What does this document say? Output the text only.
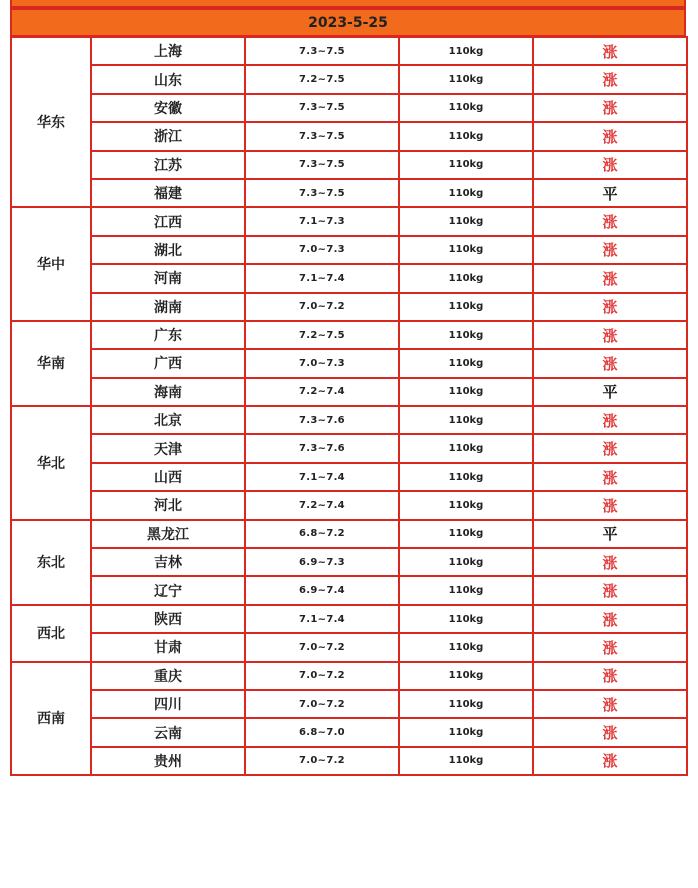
2023-5-25
华东	上海	7.3~7.5	110kg	涨
	山东	7.2~7.5	110kg	涨
	安徽	7.3~7.5	110kg	涨
	浙江	7.3~7.5	110kg	涨
	江苏	7.3~7.5	110kg	涨
	福建	7.3~7.5	110kg	平
华中	江西	7.1~7.3	110kg	涨
	湖北	7.0~7.3	110kg	涨
	河南	7.1~7.4	110kg	涨
	湖南	7.0~7.2	110kg	涨
华南	广东	7.2~7.5	110kg	涨
	广西	7.0~7.3	110kg	涨
	海南	7.2~7.4	110kg	平
华北	北京	7.3~7.6	110kg	涨
	天津	7.3~7.6	110kg	涨
	山西	7.1~7.4	110kg	涨
	河北	7.2~7.4	110kg	涨
东北	黑龙江	6.8~7.2	110kg	平
	吉林	6.9~7.3	110kg	涨
	辽宁	6.9~7.4	110kg	涨
西北	陕西	7.1~7.4	110kg	涨
	甘肃	7.0~7.2	110kg	涨
西南	重庆	7.0~7.2	110kg	涨
	四川	7.0~7.2	110kg	涨
	云南	6.8~7.0	110kg	涨
	贵州	7.0~7.2	110kg	涨
